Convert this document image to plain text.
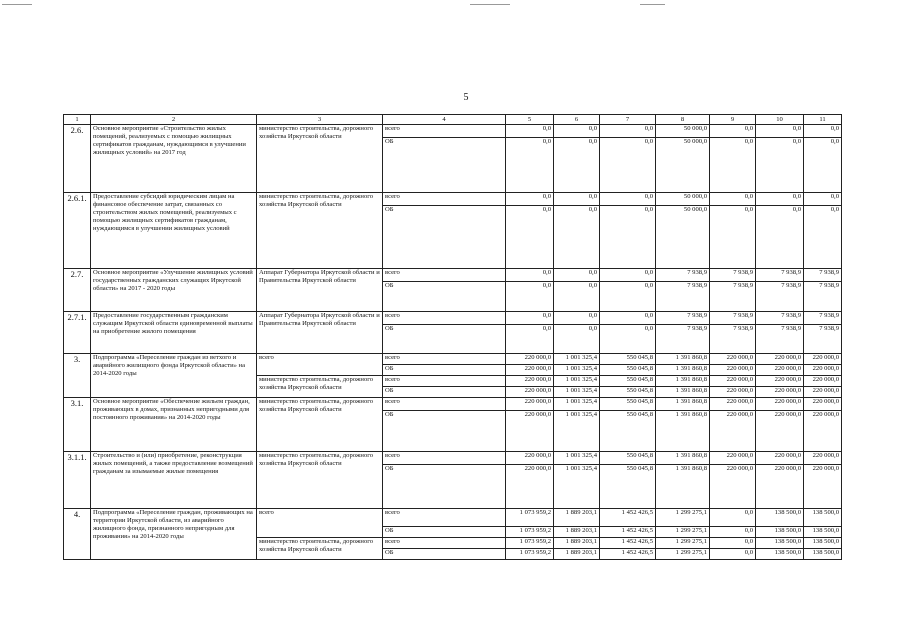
5
1	2	3	4	5	6	7	8	9	10	11
2.6.	Основное мероприятие «Строительство жилых помещений, реализуемых с помощью жилищных сертификатов гражданам, нуждающимся в улучшении жилищных условий» на 2017 год	министерство строительства, дорожного хозяйства Иркутской области	всего	0,0	0,0	0,0	50 000,0	0,0	0,0	0,0
			ОБ	0,0	0,0	0,0	50 000,0	0,0	0,0	0,0
2.6.1.	Предоставление субсидий юридическим лицам на финансовое обеспечение затрат, связанных со строительством жилых помещений, реализуемых с помощью жилищных сертификатов гражданам, нуждающимся в улучшении жилищных условий	министерство строительства, дорожного хозяйства Иркутской области	всего	0,0	0,0	0,0	50 000,0	0,0	0,0	0,0
			ОБ	0,0	0,0	0,0	50 000,0	0,0	0,0	0,0
2.7.	Основное мероприятие «Улучшение жилищных условий государственных гражданских служащих Иркутской области» на 2017 - 2020 годы	Аппарат Губернатора Иркутской области и Правительства Иркутской области	всего	0,0	0,0	0,0	7 938,9	7 938,9	7 938,9	7 938,9
			ОБ	0,0	0,0	0,0	7 938,9	7 938,9	7 938,9	7 938,9
2.7.1.	Предоставление государственным гражданским служащим Иркутской области единовременной выплаты на приобретение жилого помещения	Аппарат Губернатора Иркутской области и Правительства Иркутской области	всего	0,0	0,0	0,0	7 938,9	7 938,9	7 938,9	7 938,9
			ОБ	0,0	0,0	0,0	7 938,9	7 938,9	7 938,9	7 938,9
3.	Подпрограмма «Переселение граждан из ветхого и аварийного жилищного фонда Иркутской области» на 2014-2020 годы	всего	всего	220 000,0	1 001 325,4	550 045,8	1 391 860,8	220 000,0	220 000,0	220 000,0
			ОБ	220 000,0	1 001 325,4	550 045,8	1 391 860,8	220 000,0	220 000,0	220 000,0
		министерство строительства, дорожного хозяйства Иркутской области	всего	220 000,0	1 001 325,4	550 045,8	1 391 860,8	220 000,0	220 000,0	220 000,0
			ОБ	220 000,0	1 001 325,4	550 045,8	1 391 860,8	220 000,0	220 000,0	220 000,0
3.1.	Основное мероприятие «Обеспечение жильем граждан, проживающих в домах, признанных непригодными для постоянного проживания» на 2014-2020 годы	министерство строительства, дорожного хозяйства Иркутской области	всего	220 000,0	1 001 325,4	550 045,8	1 391 860,8	220 000,0	220 000,0	220 000,0
			ОБ	220 000,0	1 001 325,4	550 045,8	1 391 860,8	220 000,0	220 000,0	220 000,0
3.1.1.	Строительство и (или) приобретение, реконструкция жилых помещений, а также предоставление возмещений гражданам за изымаемые жилые помещения	министерство строительства, дорожного хозяйства Иркутской области	всего	220 000,0	1 001 325,4	550 045,8	1 391 860,8	220 000,0	220 000,0	220 000,0
			ОБ	220 000,0	1 001 325,4	550 045,8	1 391 860,8	220 000,0	220 000,0	220 000,0
4.	Подпрограмма «Переселение граждан, проживающих на территории Иркутской области, из аварийного жилищного фонда, признанного непригодным для проживания» на 2014-2020 годы	всего	всего	1 073 959,2	1 889 203,1	1 452 426,5	1 299 275,1	0,0	138 500,0	138 500,0
			ОБ	1 073 959,2	1 889 203,1	1 452 426,5	1 299 275,1	0,0	138 500,0	138 500,0
		министерство строительства, дорожного хозяйства Иркутской области	всего	1 073 959,2	1 889 203,1	1 452 426,5	1 299 275,1	0,0	138 500,0	138 500,0
			ОБ	1 073 959,2	1 889 203,1	1 452 426,5	1 299 275,1	0,0	138 500,0	138 500,0
